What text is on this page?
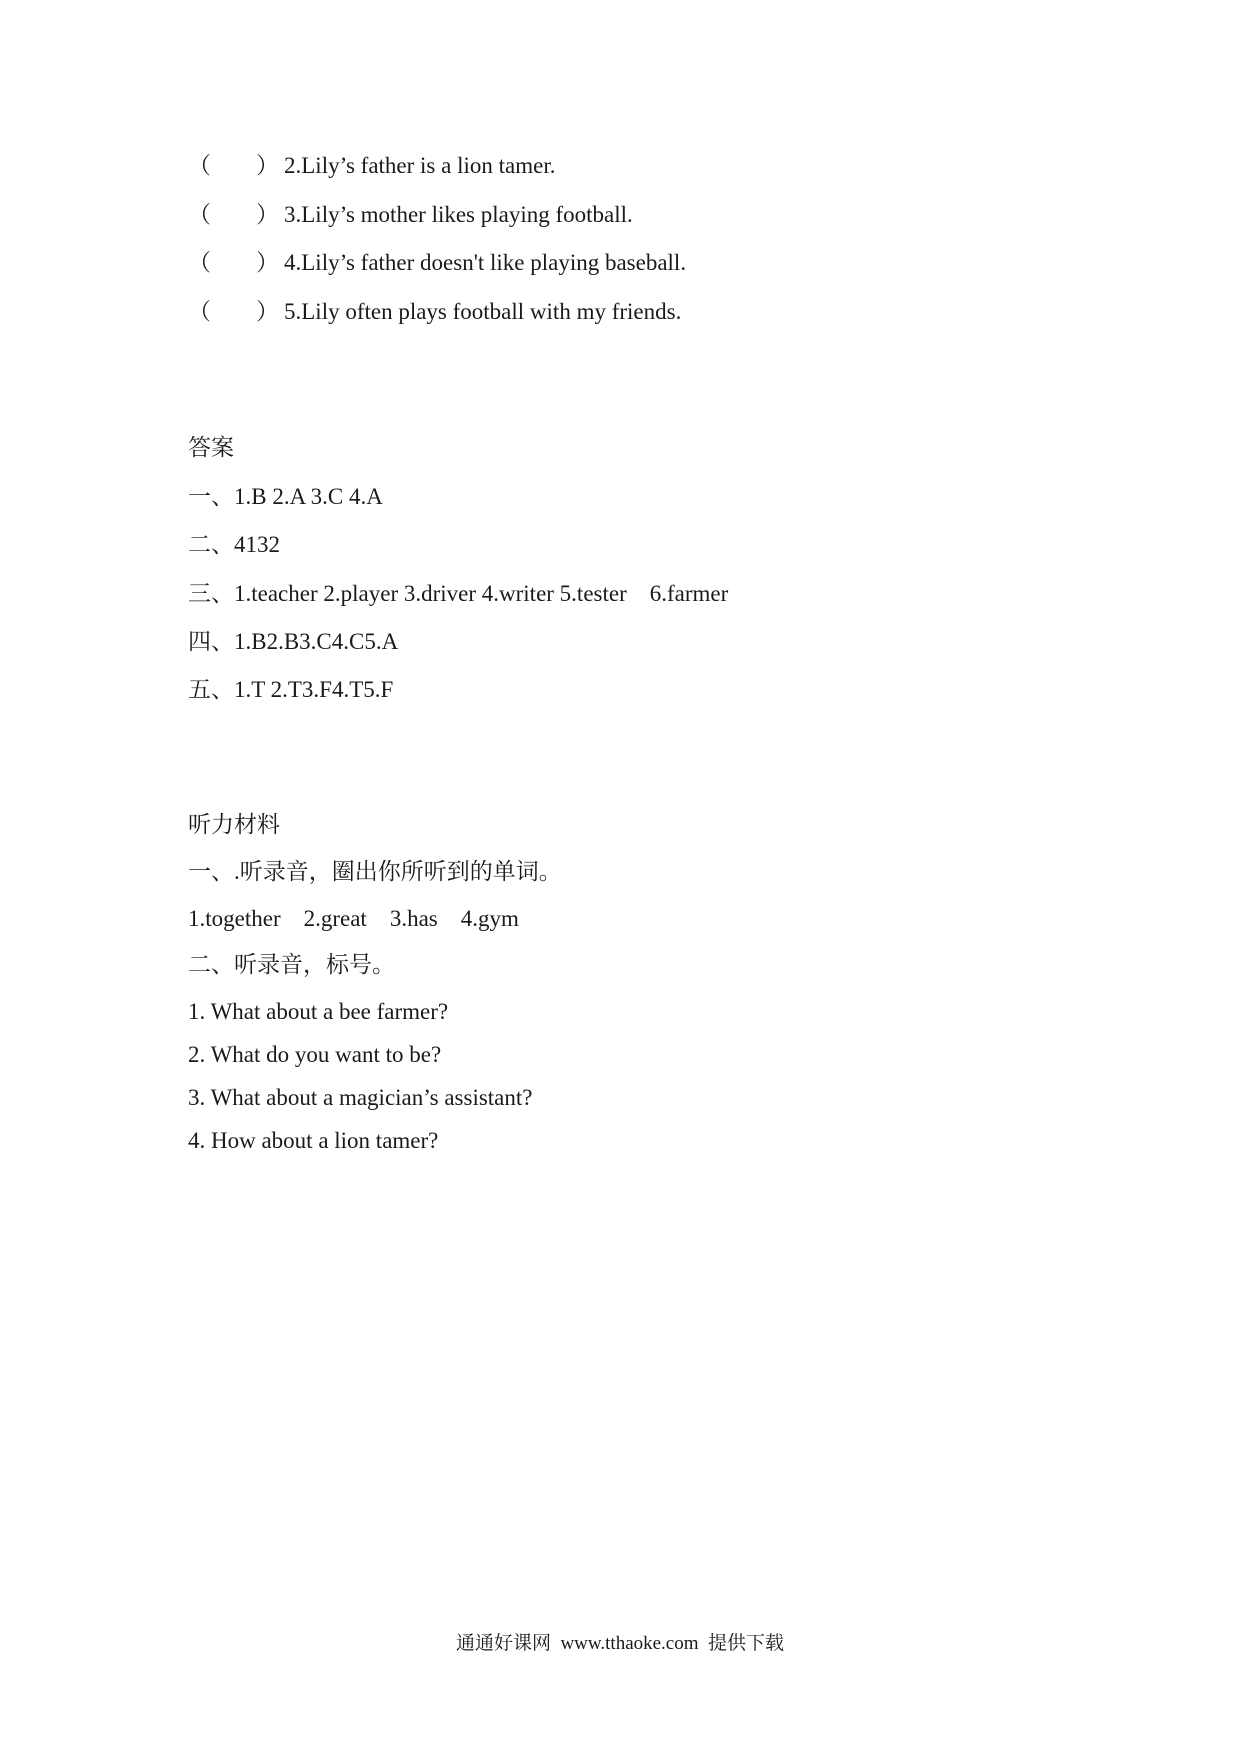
（ ） 2.Lily’s father is a lion tamer.
（ ） 3.Lily’s mother likes playing football.
（ ） 4.Lily’s father doesn't like playing baseball.
（ ） 5.Lily often plays football with my friends.
答案
一、1.B 2.A 3.C 4.A
二、4132
三、1.teacher 2.player 3.driver 4.writer 5.tester    6.farmer
四、1.B2.B3.C4.C5.A
五、1.T 2.T3.F4.T5.F
听力材料
一、.听录音，圈出你所听到的单词。
1.together    2.great    3.has    4.gym
二、听录音，标号。
1. What about a bee farmer?
2. What do you want to be?
3. What about a magician’s assistant?
4. How about a lion tamer?
通通好课网  www.tthaoke.com  提供下载
